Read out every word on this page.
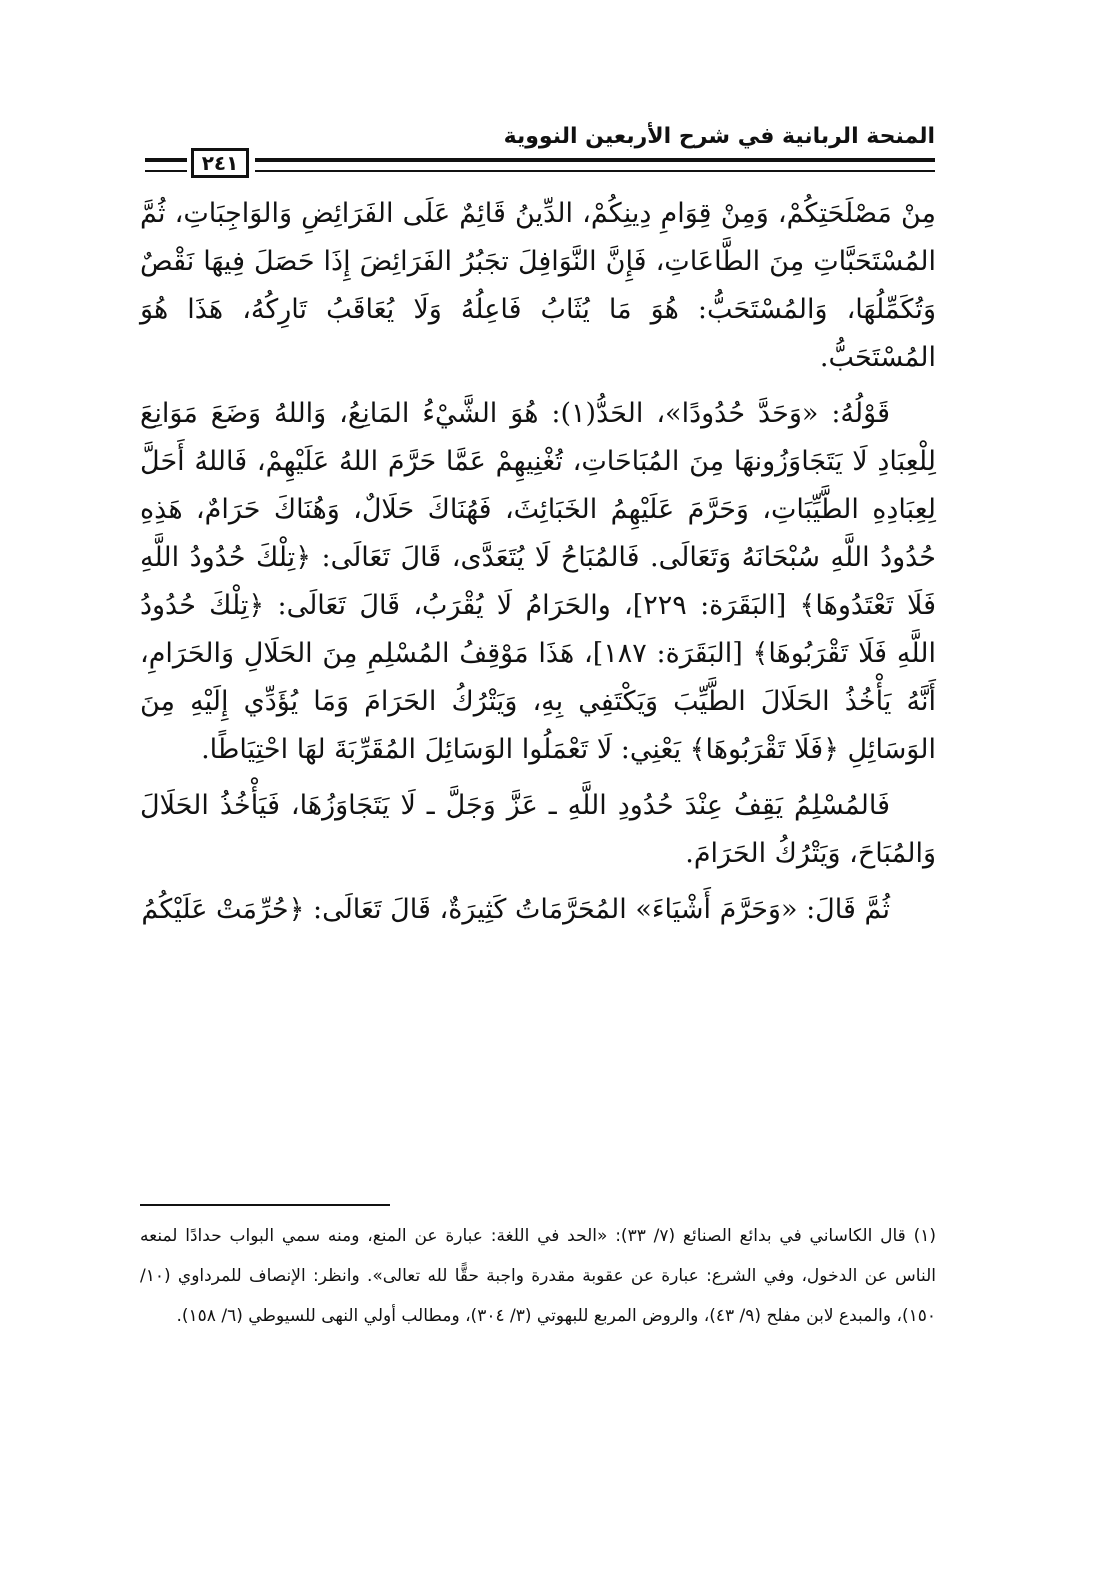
المنحة الربانية في شرح الأربعين النووية
٢٤١

مِنْ مَصْلَحَتِكُمْ، وَمِنْ قِوَامِ دِينِكُمْ، الدِّينُ قَائِمٌ عَلَى الفَرَائِضِ وَالوَاجِبَاتِ، ثُمَّ المُسْتَحَبَّاتِ مِنَ الطَّاعَاتِ، فَإِنَّ النَّوَافِلَ تجَبُرُ الفَرَائِضَ إِذَا حَصَلَ فِيهَا نَقْصٌ وَتُكَمِّلُهَا، وَالمُسْتَحَبُّ: هُوَ مَا يُثَابُ فَاعِلُهُ وَلَا يُعَاقَبُ تَارِكُهُ، هَذَا هُوَ المُسْتَحَبُّ.

قَوْلُهُ: «وَحَدَّ حُدُودًا»، الحَدُّ(١): هُوَ الشَّيْءُ المَانِعُ، وَاللهُ وَضَعَ مَوَانِعَ لِلْعِبَادِ لَا يَتَجَاوَزُونهَا مِنَ المُبَاحَاتِ، تُغْنِيهِمْ عَمَّا حَرَّمَ اللهُ عَلَيْهِمْ، فَاللهُ أَحَلَّ لِعِبَادِهِ الطَّيِّبَاتِ، وَحَرَّمَ عَلَيْهِمُ الخَبَائِثَ، فَهُنَاكَ حَلَالٌ، وَهُنَاكَ حَرَامٌ، هَذِهِ حُدُودُ اللَّهِ سُبْحَانَهُ وَتَعَالَى. فَالمُبَاحُ لَا يُتَعَدَّى، قَالَ تَعَالَى: ﴿تِلْكَ حُدُودُ اللَّهِ فَلَا تَعْتَدُوهَا﴾ [البَقَرَة: ٢٢٩]، والحَرَامُ لَا يُقْرَبُ، قَالَ تَعَالَى: ﴿تِلْكَ حُدُودُ اللَّهِ فَلَا تَقْرَبُوهَا﴾ [البَقَرَة: ١٨٧]، هَذَا مَوْقِفُ المُسْلِمِ مِنَ الحَلَالِ وَالحَرَامِ، أَنَّهُ يَأْخُذُ الحَلَالَ الطَّيِّبَ وَيَكْتَفِي بِهِ، وَيَتْرُكُ الحَرَامَ وَمَا يُؤَدِّي إِلَيْهِ مِنَ الوَسَائِلِ ﴿فَلَا تَقْرَبُوهَا﴾ يَعْنِي: لَا تَعْمَلُوا الوَسَائِلَ المُقَرِّبَةَ لهَا احْتِيَاطًا.

فَالمُسْلِمُ يَقِفُ عِنْدَ حُدُودِ اللَّهِ ـ عَزَّ وَجَلَّ ـ لَا يَتَجَاوَزُهَا، فَيَأْخُذُ الحَلَالَ وَالمُبَاحَ، وَيَتْرُكُ الحَرَامَ.

ثُمَّ قَالَ: «وَحَرَّمَ أَشْيَاءَ» المُحَرَّمَاتُ كَثِيرَةٌ، قَالَ تَعَالَى: ﴿حُرِّمَتْ عَلَيْكُمُ

(١) قال الكاساني في بدائع الصنائع (٧/ ٣٣): «الحد في اللغة: عبارة عن المنع، ومنه سمي البواب حدادًا لمنعه الناس عن الدخول، وفي الشرع: عبارة عن عقوبة مقدرة واجبة حقًّا لله تعالى». وانظر: الإنصاف للمرداوي (١٠/ ١٥٠)، والمبدع لابن مفلح (٩/ ٤٣)، والروض المربع للبهوتي (٣/ ٣٠٤)، ومطالب أولي النهى للسيوطي (٦/ ١٥٨).
